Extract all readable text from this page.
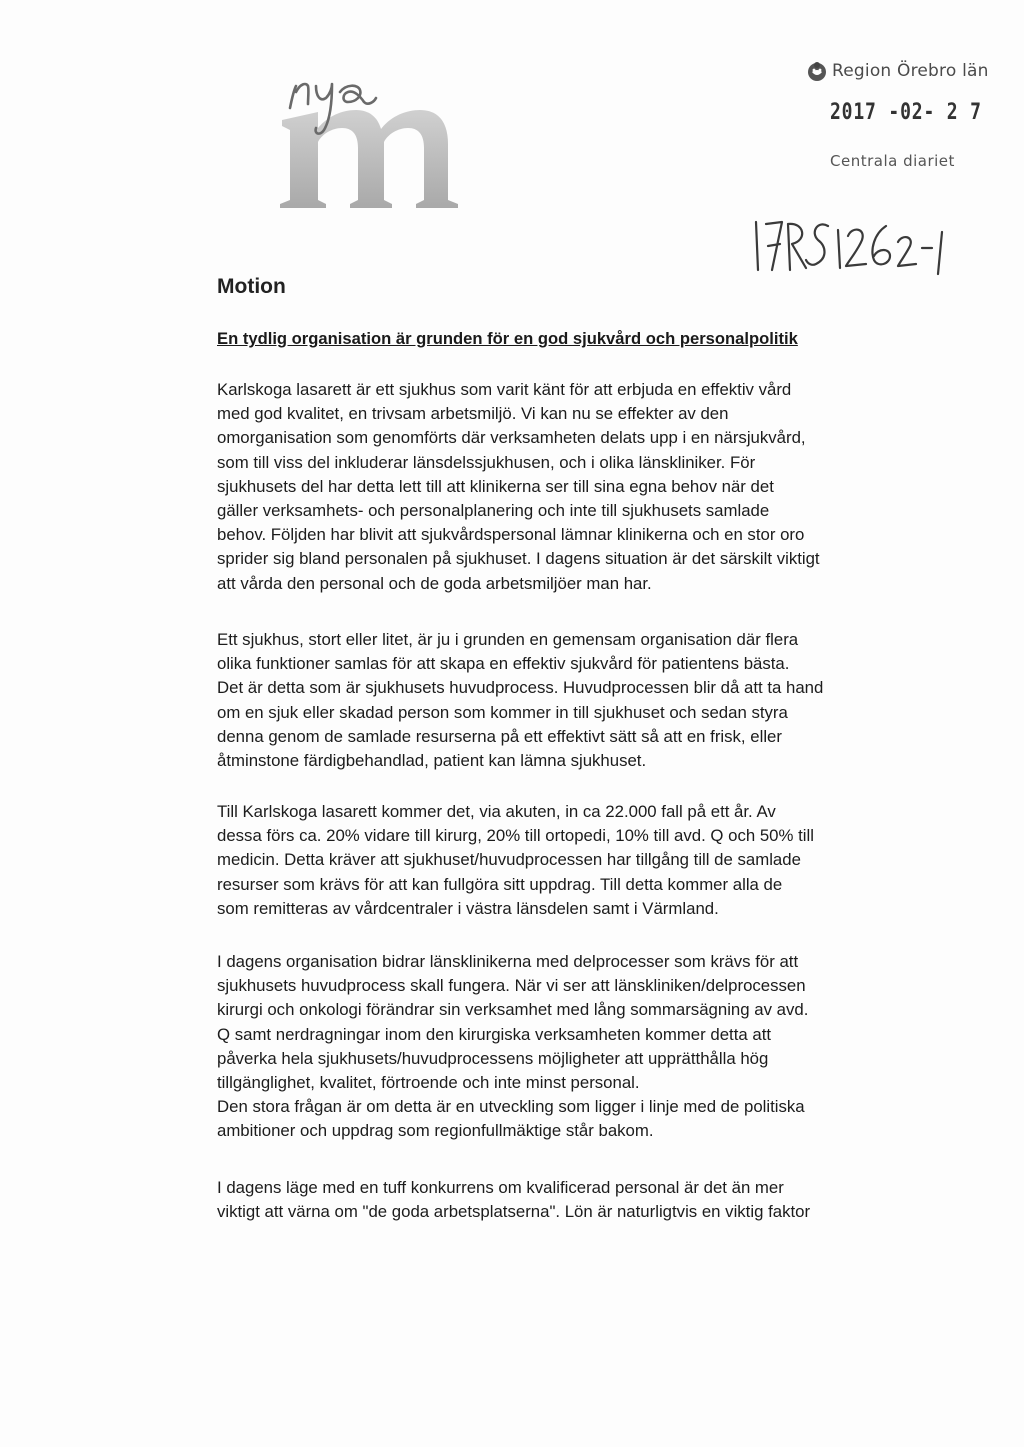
Region Örebro län
2017 -02- 2 7
Centrala diariet
Motion
En tydlig organisation är grunden för en god sjukvård och personalpolitik

Karlskoga lasarett är ett sjukhus som varit känt för att erbjuda en effektiv vård
med god kvalitet, en trivsam arbetsmiljö. Vi kan nu se effekter av den
omorganisation som genomförts där verksamheten delats upp i en närsjukvård,
som till viss del inkluderar länsdelssjukhusen, och i olika länskliniker. För
sjukhusets del har detta lett till att klinikerna ser till sina egna behov när det
gäller verksamhets- och personalplanering och inte till sjukhusets samlade
behov. Följden har blivit att sjukvårdspersonal lämnar klinikerna och en stor oro
sprider sig bland personalen på sjukhuset. I dagens situation är det särskilt viktigt
att vårda den personal och de goda arbetsmiljöer man har.

Ett sjukhus, stort eller litet, är ju i grunden en gemensam organisation där flera
olika funktioner samlas för att skapa en effektiv sjukvård för patientens bästa.
Det är detta som är sjukhusets huvudprocess. Huvudprocessen blir då att ta hand
om en sjuk eller skadad person som kommer in till sjukhuset och sedan styra
denna genom de samlade resurserna på ett effektivt sätt så att en frisk, eller
åtminstone färdigbehandlad, patient kan lämna sjukhuset.

Till Karlskoga lasarett kommer det, via akuten, in ca 22.000 fall på ett år. Av
dessa förs ca. 20% vidare till kirurg, 20% till ortopedi, 10% till avd. Q och 50% till
medicin. Detta kräver att sjukhuset/huvudprocessen har tillgång till de samlade
resurser som krävs för att kan fullgöra sitt uppdrag. Till detta kommer alla de
som remitteras av vårdcentraler i västra länsdelen samt i Värmland.

I dagens organisation bidrar länsklinikerna med delprocesser som krävs för att
sjukhusets huvudprocess skall fungera. När vi ser att länskliniken/delprocessen
kirurgi och onkologi förändrar sin verksamhet med lång sommarsägning av avd.
Q samt nerdragningar inom den kirurgiska verksamheten kommer detta att
påverka hela sjukhusets/huvudprocessens möjligheter att upprätthålla hög
tillgänglighet, kvalitet, förtroende och inte minst personal.
Den stora frågan är om detta är en utveckling som ligger i linje med de politiska
ambitioner och uppdrag som regionfullmäktige står bakom.

I dagens läge med en tuff konkurrens om kvalificerad personal är det än mer
viktigt att värna om "de goda arbetsplatserna". Lön är naturligtvis en viktig faktor
